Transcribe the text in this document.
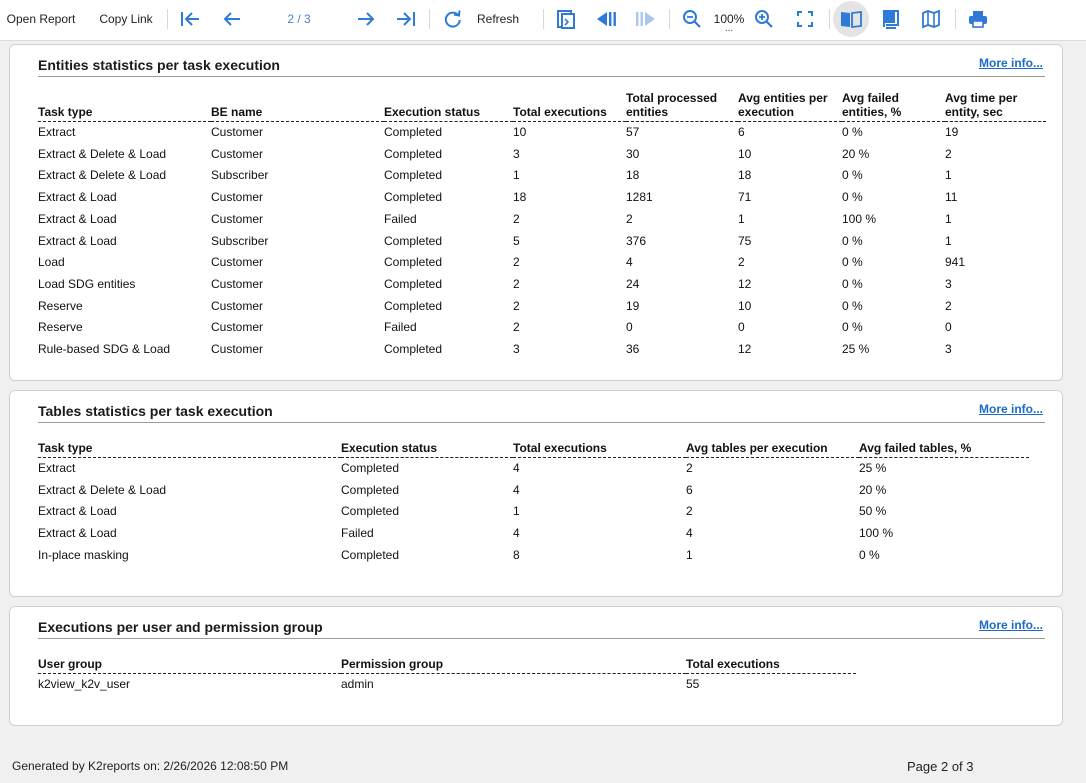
Open Report Copy Link	2 / 3	Refresh	100%
...
Entities statistics per task execution	More info...
Task type	BE name	Execution status	Total executions	Total processed entities	Avg entities per execution	Avg failed entities, %	Avg time per entity, sec
Extract	Customer	Completed	10	57	6	0 %	19
Extract & Delete & Load	Customer	Completed	3	30	10	20 %	2
Extract & Delete & Load	Subscriber	Completed	1	18	18	0 %	1
Extract & Load	Customer	Completed	18	1281	71	0 %	11
Extract & Load	Customer	Failed	2	2	1	100 %	1
Extract & Load	Subscriber	Completed	5	376	75	0 %	1
Load	Customer	Completed	2	4	2	0 %	941
Load SDG entities	Customer	Completed	2	24	12	0 %	3
Reserve	Customer	Completed	2	19	10	0 %	2
Reserve	Customer	Failed	2	0	0	0 %	0
Rule-based SDG & Load	Customer	Completed	3	36	12	25 %	3
Tables statistics per task execution	More info...
Task type	Execution status	Total executions	Avg tables per execution	Avg failed tables, %
Extract	Completed	4	2	25 %
Extract & Delete & Load	Completed	4	6	20 %
Extract & Load	Completed	1	2	50 %
Extract & Load	Failed	4	4	100 %
In-place masking	Completed	8	1	0 %
Executions per user and permission group	More info...
User group	Permission group	Total executions
k2view_k2v_user	admin	55
Generated by K2reports on: 2/26/2026 12:08:50 PM	Page 2 of 3
